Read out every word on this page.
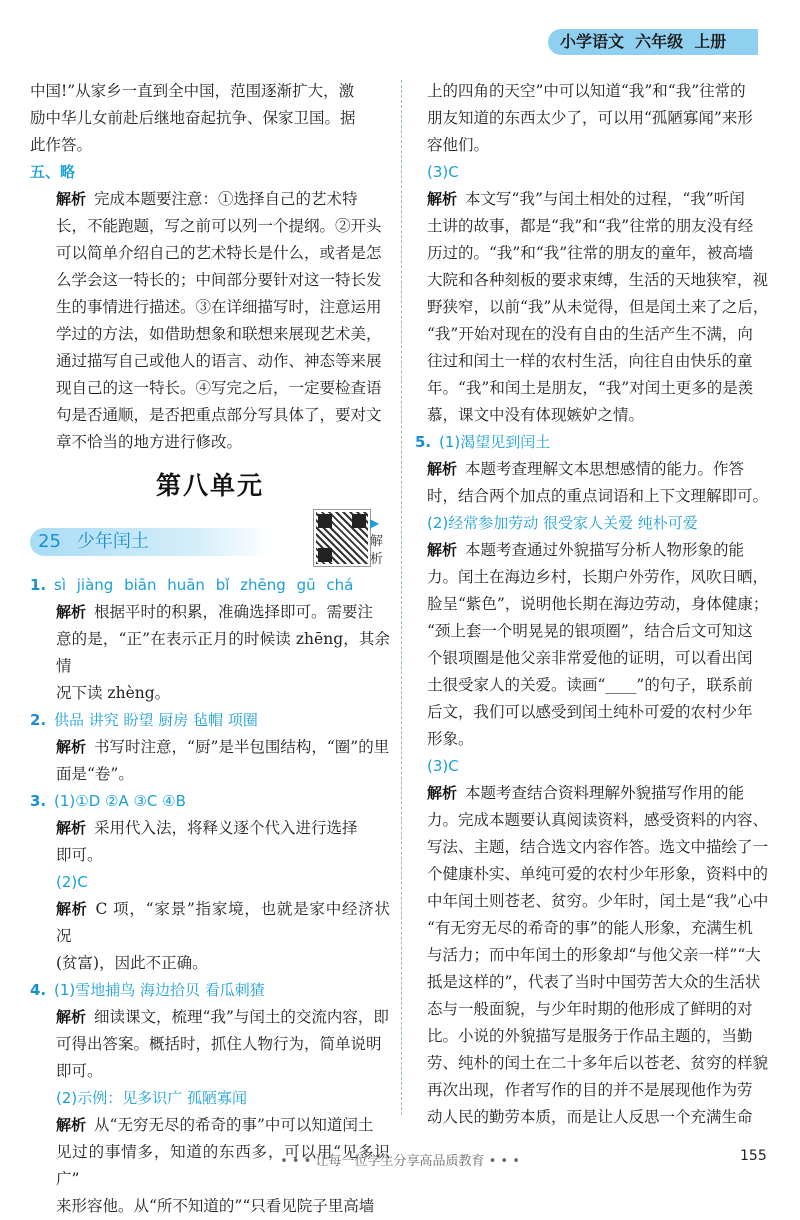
小学语文  六年级  上册

中国!”从家乡一直到全中国，范围逐渐扩大，激

励中华儿女前赴后继地奋起抗争、保家卫国。据

此作答。

五、略

解析 完成本题要注意：①选择自己的艺术特

长，不能跑题，写之前可以列一个提纲。②开头

可以简单介绍自己的艺术特长是什么，或者是怎

么学会这一特长的；中间部分要针对这一特长发

生的事情进行描述。③在详细描写时，注意运用

学过的方法，如借助想象和联想来展现艺术美，

通过描写自己或他人的语言、动作、神态等来展

现自己的这一特长。④写完之后，一定要检查语

句是否通顺，是否把重点部分写具体了，要对文

章不恰当的地方进行修改。

第八单元
25 少年闰土
▶
解析

1. sì jiàng biān huān bǐ zhēng gū chá

解析 根据平时的积累，准确选择即可。需要注

意的是，“正”在表示正月的时候读 zhēng，其余情

况下读 zhèng。

2. 供品 讲究 盼望 厨房 毡帽 项圈

解析 书写时注意，“厨”是半包围结构，“圈”的里

面是“卷”。

3. (1)①D ②A ③C ④B

解析 采用代入法，将释义逐个代入进行选择

即可。

(2)C

解析 C 项，“家景”指家境，也就是家中经济状况

(贫富)，因此不正确。

4. (1)雪地捕鸟 海边拾贝 看瓜刺猹

解析 细读课文，梳理“我”与闰土的交流内容，即

可得出答案。概括时，抓住人物行为，简单说明

即可。

(2)示例：见多识广 孤陋寡闻

解析 从“无穷无尽的希奇的事”中可以知道闰土

见过的事情多，知道的东西多，可以用“见多识广”

来形容他。从“所不知道的”“只看见院子里高墙

上的四角的天空”中可以知道“我”和“我”往常的

朋友知道的东西太少了，可以用“孤陋寡闻”来形

容他们。

(3)C

解析 本文写“我”与闰土相处的过程，“我”听闰

土讲的故事，都是“我”和“我”往常的朋友没有经

历过的。“我”和“我”往常的朋友的童年，被高墙

大院和各种刻板的要求束缚，生活的天地狭窄，视

野狭窄，以前“我”从未觉得，但是闰土来了之后，

“我”开始对现在的没有自由的生活产生不满，向

往过和闰土一样的农村生活，向往自由快乐的童

年。“我”和闰土是朋友，“我”对闰土更多的是羡

慕，课文中没有体现嫉妒之情。

5. (1)渴望见到闰土

解析 本题考查理解文本思想感情的能力。作答

时，结合两个加点的重点词语和上下文理解即可。

(2)经常参加劳动 很受家人关爱 纯朴可爱

解析 本题考查通过外貌描写分析人物形象的能

力。闰土在海边乡村，长期户外劳作，风吹日晒，

脸呈“紫色”，说明他长期在海边劳动，身体健康；

“颈上套一个明晃晃的银项圈”，结合后文可知这

个银项圈是他父亲非常爱他的证明，可以看出闰

土很受家人的关爱。读画“____”的句子，联系前

后文，我们可以感受到闰土纯朴可爱的农村少年

形象。

(3)C

解析 本题考查结合资料理解外貌描写作用的能

力。完成本题要认真阅读资料，感受资料的内容、

写法、主题，结合选文内容作答。选文中描绘了一

个健康朴实、单纯可爱的农村少年形象，资料中的

中年闰土则苍老、贫穷。少年时，闰土是“我”心中

“有无穷无尽的希奇的事”的能人形象，充满生机

与活力；而中年闰土的形象却“与他父亲一样”“大

抵是这样的”，代表了当时中国劳苦大众的生活状

态与一般面貌，与少年时期的他形成了鲜明的对

比。小说的外貌描写是服务于作品主题的，当勤

劳、纯朴的闰土在二十多年后以苍老、贫穷的样貌

再次出现，作者写作的目的并不是展现他作为劳

动人民的勤劳本质，而是让人反思一个充满生命

• • • 让每一位学生分享高品质教育 • • •	155
